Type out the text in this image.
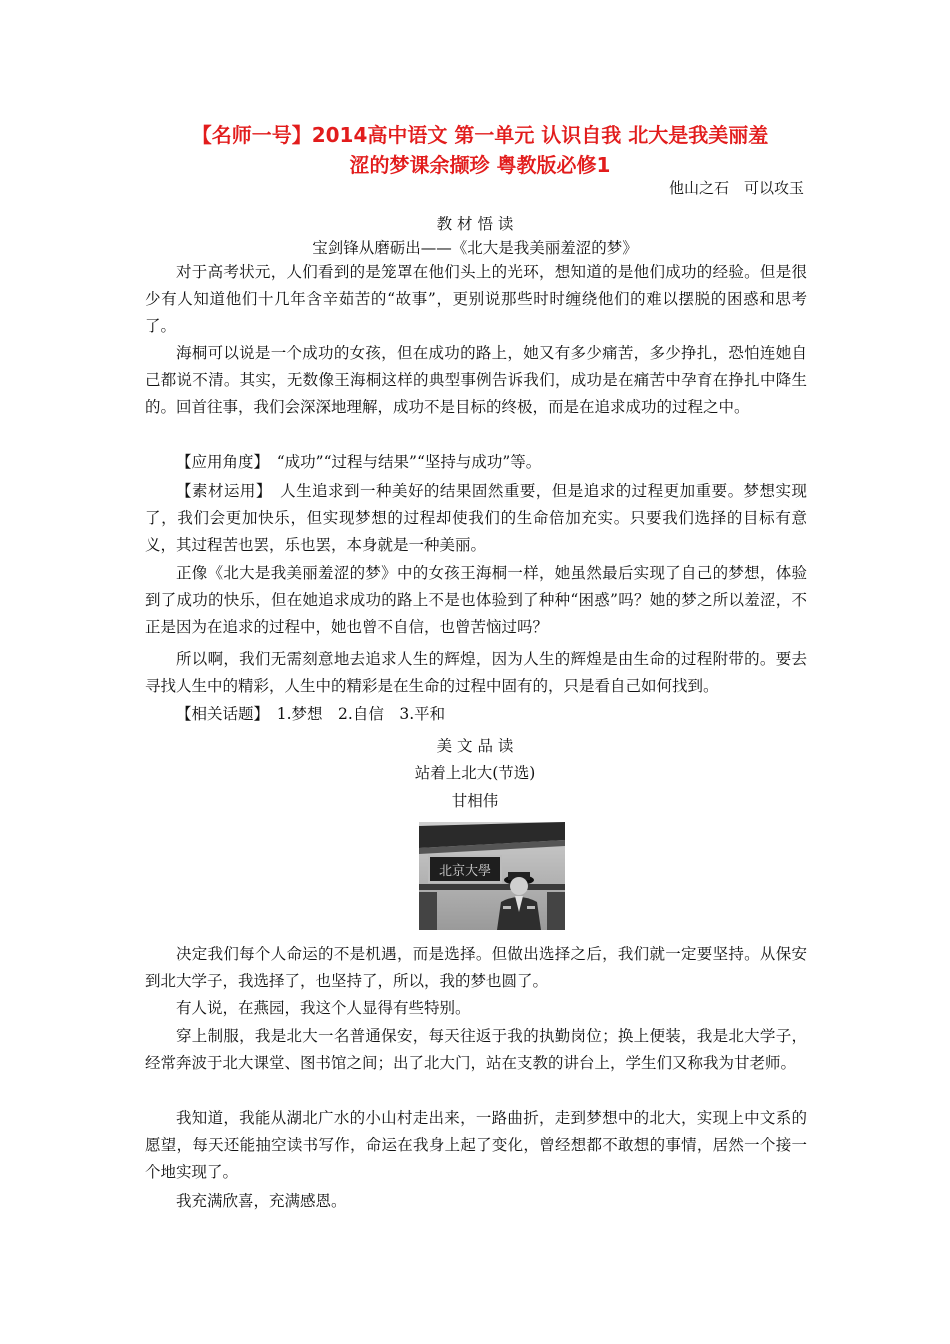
【名师一号】2014高中语文 第一单元 认识自我 北大是我美丽羞
涩的梦课余撷珍 粤教版必修1
他山之石　可以攻玉
教 材 悟 读
宝剑锋从磨砺出——《北大是我美丽羞涩的梦》

对于高考状元，人们看到的是笼罩在他们头上的光环，想知道的是他们成功的经验。但是很少有人知道他们十几年含辛茹苦的“故事”，更别说那些时时缠绕他们的难以摆脱的困惑和思考了。

海桐可以说是一个成功的女孩，但在成功的路上，她又有多少痛苦，多少挣扎，恐怕连她自己都说不清。其实，无数像王海桐这样的典型事例告诉我们，成功是在痛苦中孕育在挣扎中降生的。回首往事，我们会深深地理解，成功不是目标的终极，而是在追求成功的过程之中。

【应用角度】　“成功”“过程与结果”“坚持与成功”等。

【素材运用】　人生追求到一种美好的结果固然重要，但是追求的过程更加重要。梦想实现了，我们会更加快乐，但实现梦想的过程却使我们的生命倍加充实。只要我们选择的目标有意义，其过程苦也罢，乐也罢，本身就是一种美丽。

正像《北大是我美丽羞涩的梦》中的女孩王海桐一样，她虽然最后实现了自己的梦想，体验到了成功的快乐，但在她追求成功的路上不是也体验到了种种“困惑”吗？她的梦之所以羞涩，不正是因为在追求的过程中，她也曾不自信，也曾苦恼过吗？

所以啊，我们无需刻意地去追求人生的辉煌，因为人生的辉煌是由生命的过程附带的。要去寻找人生中的精彩，人生中的精彩是在生命的过程中固有的，只是看自己如何找到。

【相关话题】　1.梦想　2.自信　3.平和

美 文 品 读
站着上北大(节选)
甘相伟
北京大學

决定我们每个人命运的不是机遇，而是选择。但做出选择之后，我们就一定要坚持。从保安到北大学子，我选择了，也坚持了，所以，我的梦也圆了。

有人说，在燕园，我这个人显得有些特别。

穿上制服，我是北大一名普通保安，每天往返于我的执勤岗位；换上便装，我是北大学子，经常奔波于北大课堂、图书馆之间；出了北大门，站在支教的讲台上，学生们又称我为甘老师。

我知道，我能从湖北广水的小山村走出来，一路曲折，走到梦想中的北大，实现上中文系的愿望，每天还能抽空读书写作，命运在我身上起了变化，曾经想都不敢想的事情，居然一个接一个地实现了。

我充满欣喜，充满感恩。
